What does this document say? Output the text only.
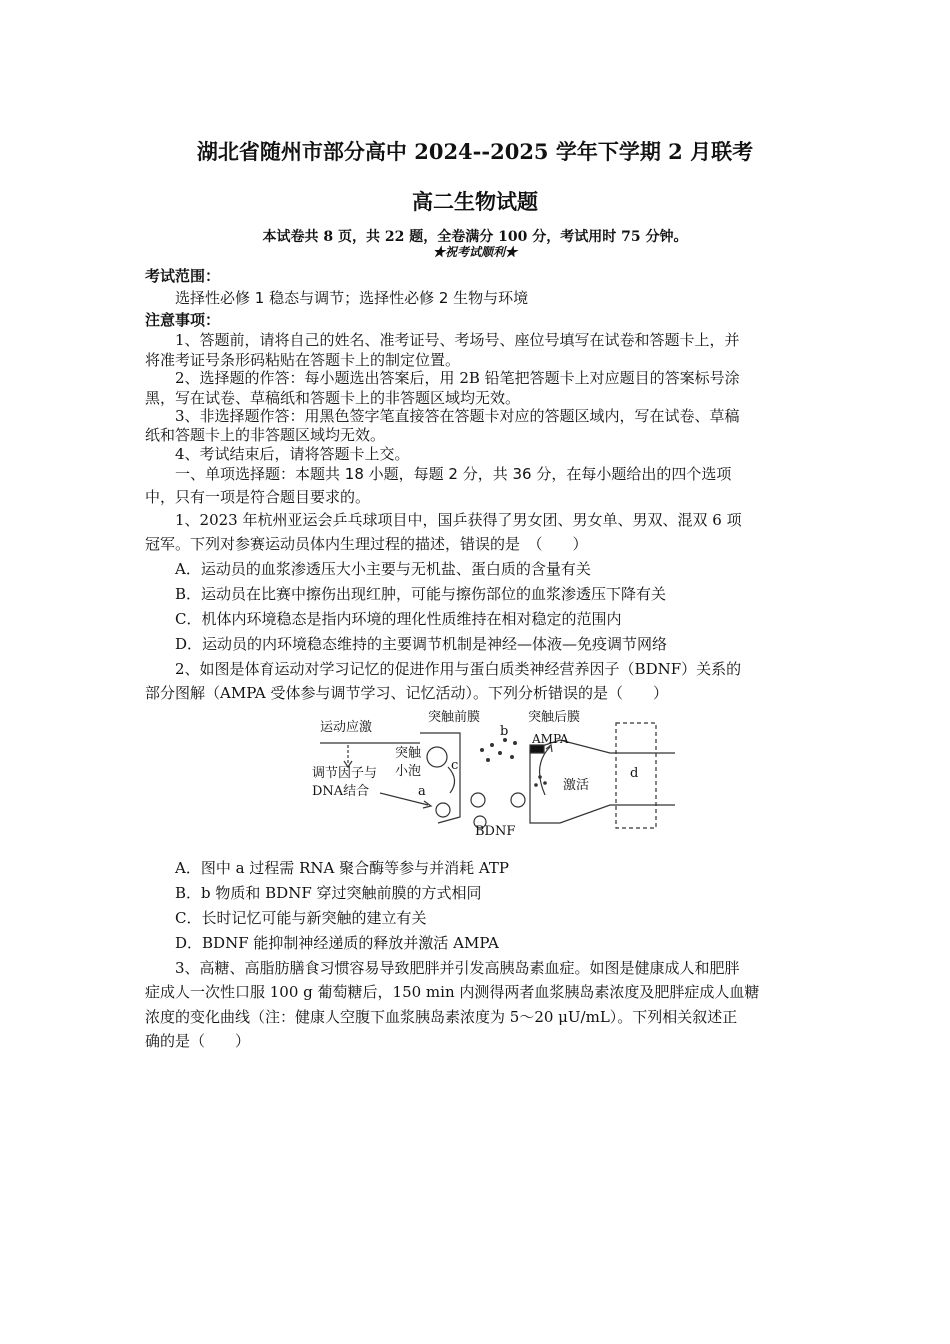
湖北省随州市部分高中 2024--2025 学年下学期 2 月联考
高二生物试题
本试卷共 8 页，共 22 题，全卷满分 100 分，考试用时 75 分钟。
★祝考试顺利★
考试范围：
选择性必修 1 稳态与调节；选择性必修 2 生物与环境
注意事项：
1、答题前，请将自己的姓名、准考证号、考场号、座位号填写在试卷和答题卡上，并
将准考证号条形码粘贴在答题卡上的制定位置。
2、选择题的作答：每小题选出答案后，用 2B 铅笔把答题卡上对应题目的答案标号涂
黑，写在试卷、草稿纸和答题卡上的非答题区域均无效。
3、非选择题作答：用黑色签字笔直接答在答题卡对应的答题区域内，写在试卷、草稿
纸和答题卡上的非答题区域均无效。
4、考试结束后，请将答题卡上交。
一、单项选择题：本题共 18 小题，每题 2 分，共 36 分，在每小题给出的四个选项
中，只有一项是符合题目要求的。
1、2023 年杭州亚运会乒乓球项目中，国乒获得了男女团、男女单、男双、混双 6 项
冠军。下列对参赛运动员体内生理过程的描述，错误的是　（　　）
A．运动员的血浆渗透压大小主要与无机盐、蛋白质的含量有关
B．运动员在比赛中擦伤出现红肿，可能与擦伤部位的血浆渗透压下降有关
C．机体内环境稳态是指内环境的理化性质维持在相对稳定的范围内
D．运动员的内环境稳态维持的主要调节机制是神经—体液—免疫调节网络
2、如图是体育运动对学习记忆的促进作用与蛋白质类神经营养因子（BDNF）关系的
部分图解（AMPA 受体参与调节学习、记忆活动）。下列分析错误的是（　　）
运动应激
突触前膜
b
突触后膜
AMPA
突触
小泡 c
调节因子与
DNA结合	a	激活
d
BDNF
A．图中 a 过程需 RNA 聚合酶等参与并消耗 ATP
B．b 物质和 BDNF 穿过突触前膜的方式相同
C．长时记忆可能与新突触的建立有关
D．BDNF 能抑制神经递质的释放并激活 AMPA
3、高糖、高脂肪膳食习惯容易导致肥胖并引发高胰岛素血症。如图是健康成人和肥胖
症成人一次性口服 100 g 葡萄糖后，150 min 内测得两者血浆胰岛素浓度及肥胖症成人血糖
浓度的变化曲线（注：健康人空腹下血浆胰岛素浓度为 5～20 μU/mL）。下列相关叙述正
确的是（　　）
